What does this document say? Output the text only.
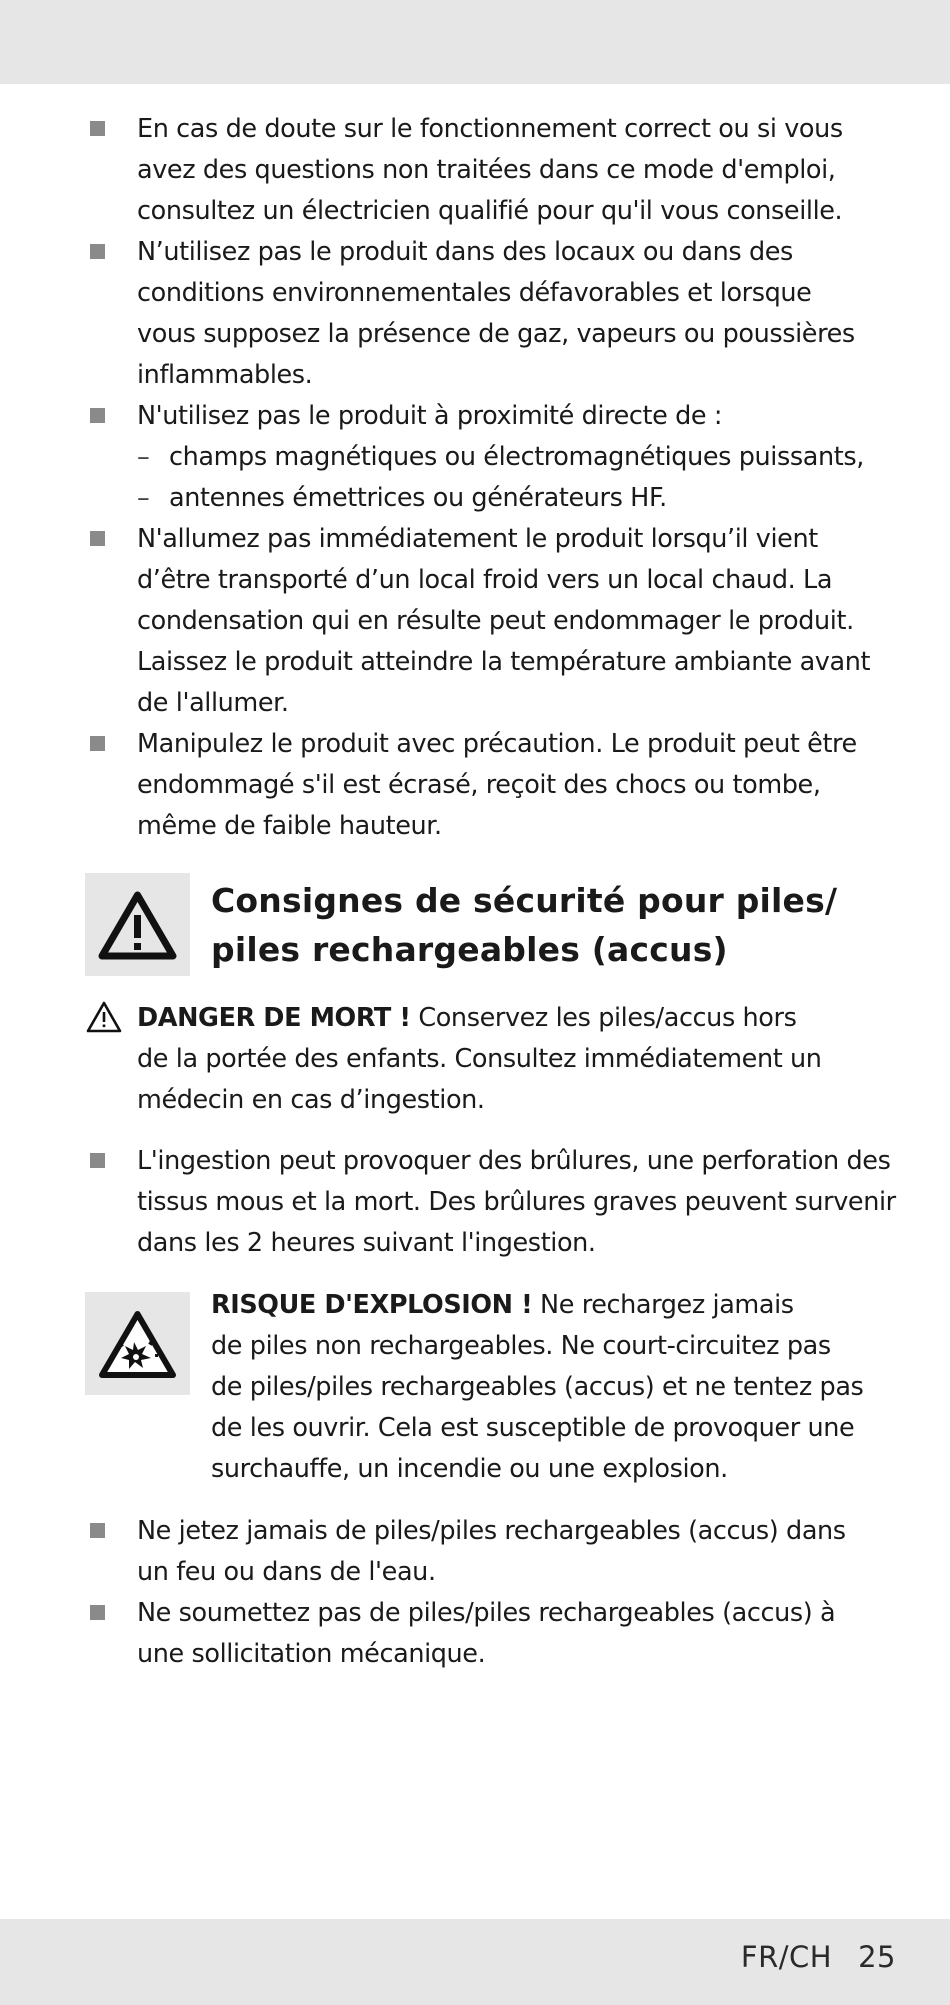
En cas de doute sur le fonctionnement correct ou si vous
avez des questions non traitées dans ce mode d'emploi,
consultez un électricien qualifié pour qu'il vous conseille.
N’utilisez pas le produit dans des locaux ou dans des
conditions environnementales défavorables et lorsque
vous supposez la présence de gaz, vapeurs ou poussières
inflammables.
N'utilisez pas le produit à proximité directe de :
– champs magnétiques ou électromagnétiques puissants,
– antennes émettrices ou générateurs HF.
N'allumez pas immédiatement le produit lorsqu’il vient
d’être transporté d’un local froid vers un local chaud. La
condensation qui en résulte peut endommager le produit.
Laissez le produit atteindre la température ambiante avant
de l'allumer.
Manipulez le produit avec précaution. Le produit peut être
endommagé s'il est écrasé, reçoit des chocs ou tombe,
même de faible hauteur.
Consignes de sécurité pour piles/
piles rechargeables (accus)
DANGER DE MORT ! Conservez les piles/accus hors
de la portée des enfants. Consultez immédiatement un
médecin en cas d’ingestion.
L'ingestion peut provoquer des brûlures, une perforation des
tissus mous et la mort. Des brûlures graves peuvent survenir
dans les 2 heures suivant l'ingestion.
RISQUE D'EXPLOSION ! Ne rechargez jamais
de piles non rechargeables. Ne court-circuitez pas
de piles/piles rechargeables (accus) et ne tentez pas
de les ouvrir. Cela est susceptible de provoquer une
surchauffe, un incendie ou une explosion.
Ne jetez jamais de piles/piles rechargeables (accus) dans
un feu ou dans de l'eau.
Ne soumettez pas de piles/piles rechargeables (accus) à
une sollicitation mécanique.
FR/CH 25
